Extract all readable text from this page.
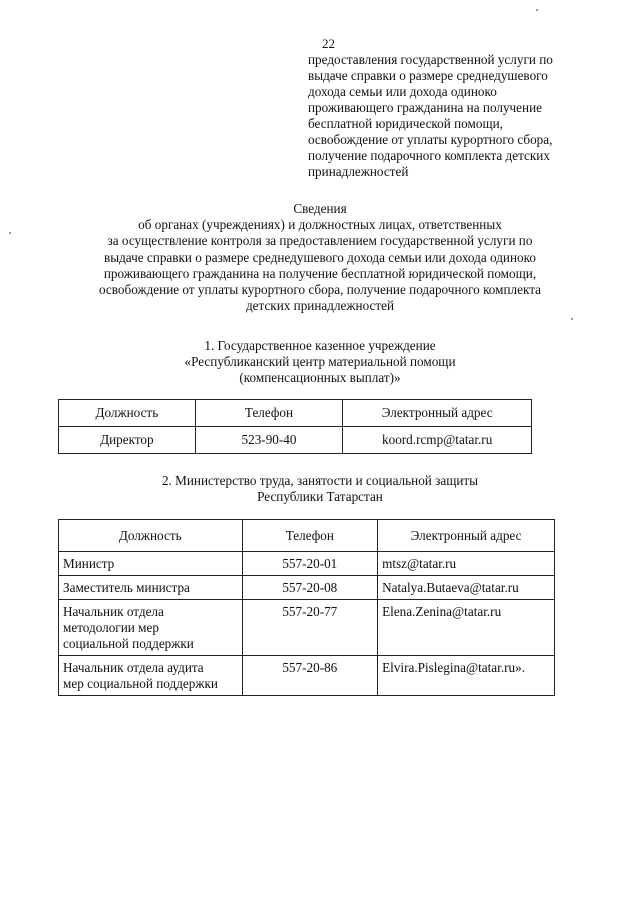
22
предоставления государственной услуги по
выдаче справки о размере среднедушевого
дохода семьи или дохода одиноко
проживающего гражданина на получение
бесплатной юридической помощи,
освобождение от уплаты курортного сбора,
получение подарочного комплекта детских
принадлежностей
Сведения
об органах (учреждениях) и должностных лицах, ответственных
за осуществление контроля за предоставлением государственной услуги по
выдаче справки о размере среднедушевого дохода семьи или дохода одиноко
проживающего гражданина на получение бесплатной юридической помощи,
освобождение от уплаты курортного сбора, получение подарочного комплекта
детских принадлежностей
1. Государственное казенное учреждение
«Республиканский центр материальной помощи
(компенсационных выплат)»
Должность	Телефон	Электронный адрес
Директор	523-90-40	koord.rcmp@tatar.ru
2. Министерство труда, занятости и социальной защиты
Республики Татарстан
Должность	Телефон	Электронный адрес

Министр	557-20-01	mtsz@tatar.ru

Заместитель министра	557-20-08	Natalya.Butaeva@tatar.ru

Начальник отдела
методологии мер
социальной поддержки	557-20-77	Elena.Zenina@tatar.ru

Начальник отдела аудита
мер социальной поддержки	557-20-86	Elvira.Pislegina@tatar.ru».
